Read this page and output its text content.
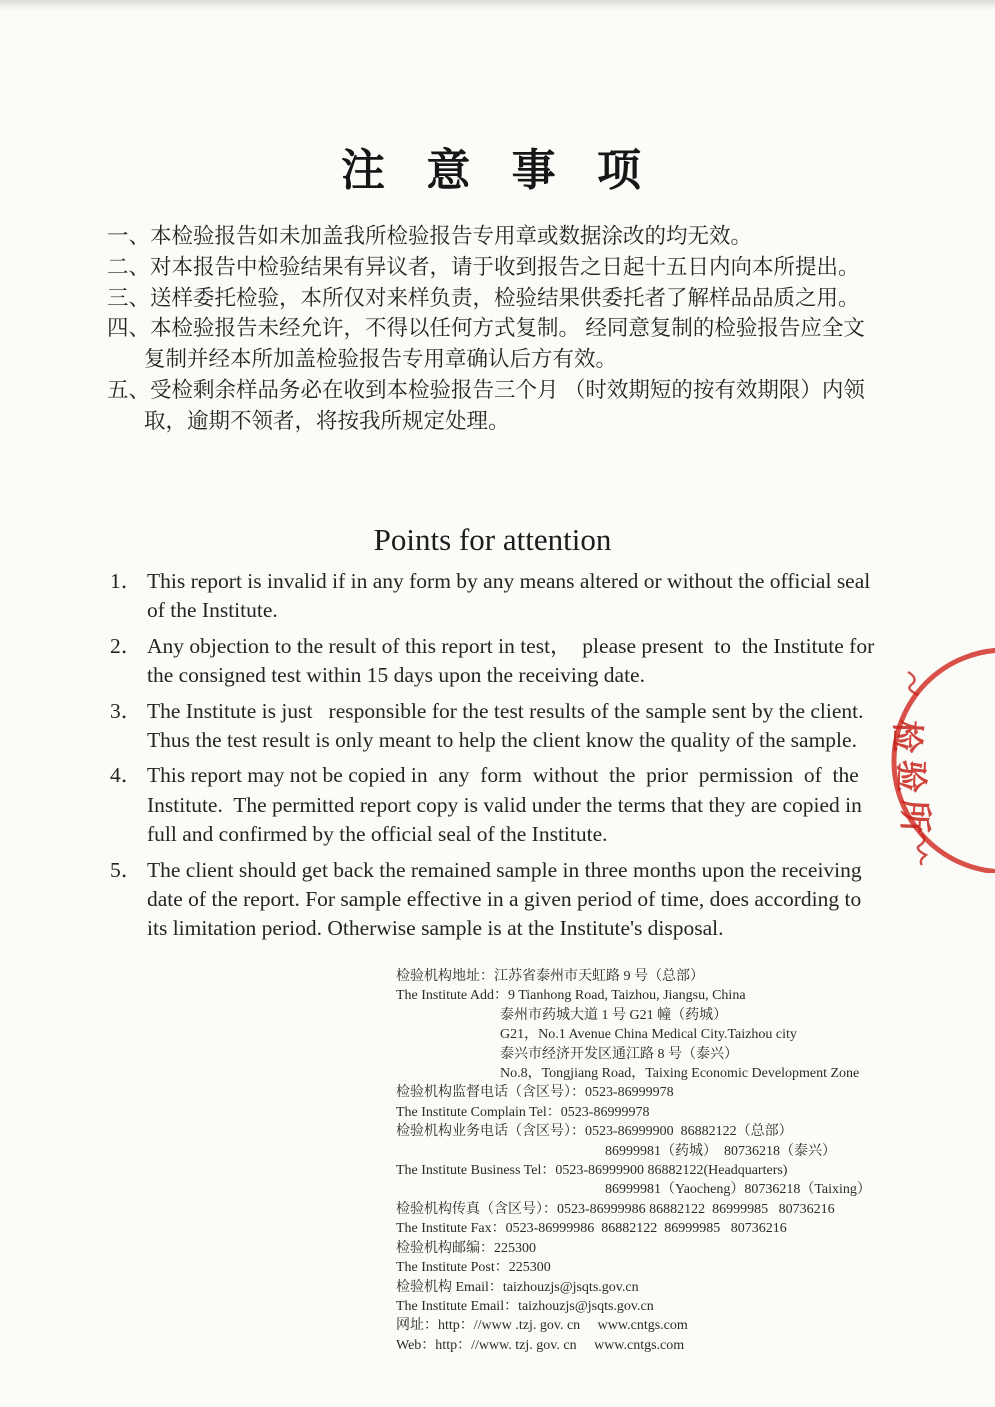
注 意 事 项
一、本检验报告如未加盖我所检验报告专用章或数据涂改的均无效。
二、对本报告中检验结果有异议者，请于收到报告之日起十五日内向本所提出。
三、送样委托检验，本所仅对来样负责，检验结果供委托者了解样品品质之用。
四、本检验报告未经允许，不得以任何方式复制。 经同意复制的检验报告应全文
复制并经本所加盖检验报告专用章确认后方有效。
五、受检剩余样品务必在收到本检验报告三个月 （时效期短的按有效期限）内领
取，逾期不领者，将按我所规定处理。
Points for attention
1． This report is invalid if in any form by any means altered or without the official seal
of the Institute.
2． Any objection to the result of this report in test，  please present  to  the Institute for
the consigned test within 15 days upon the receiving date.
3． The Institute is just   responsible for the test results of the sample sent by the client.
Thus the test result is only meant to help the client know the quality of the sample.
4． This report may not be copied in  any  form  without  the  prior  permission  of  the
Institute.  The permitted report copy is valid under the terms that they are copied in
full and confirmed by the official seal of the Institute.
5． The client should get back the remained sample in three months upon the receiving
date of the report. For sample effective in a given period of time, does according to
its limitation period. Otherwise sample is at the Institute's disposal.
检验机构地址：江苏省泰州市天虹路 9 号（总部）
The Institute Add：9 Tianhong Road, Taizhou, Jiangsu, China
泰州市药城大道 1 号 G21 幢（药城）
G21，No.1 Avenue China Medical City.Taizhou city
泰兴市经济开发区通江路 8 号（泰兴）
No.8，Tongjiang Road，Taixing Economic Development Zone
检验机构监督电话（含区号）：0523-86999978
The Institute Complain Tel：0523-86999978
检验机构业务电话（含区号）：0523-86999900  86882122（总部）
86999981（药城）  80736218（泰兴）
The Institute Business Tel：0523-86999900 86882122(Headquarters)
86999981（Yaocheng）80736218（Taixing）
检验机构传真（含区号）：0523-86999986 86882122  86999985   80736216
The Institute Fax：0523-86999986  86882122  86999985   80736216
检验机构邮编：225300
The Institute Post：225300
检验机构 Email：taizhouzjs@jsqts.gov.cn
The Institute Email：taizhouzjs@jsqts.gov.cn
网址：http：//www .tzj. gov. cn     www.cntgs.com
Web：http：//www. tzj. gov. cn     www.cntgs.com
检
验
所
